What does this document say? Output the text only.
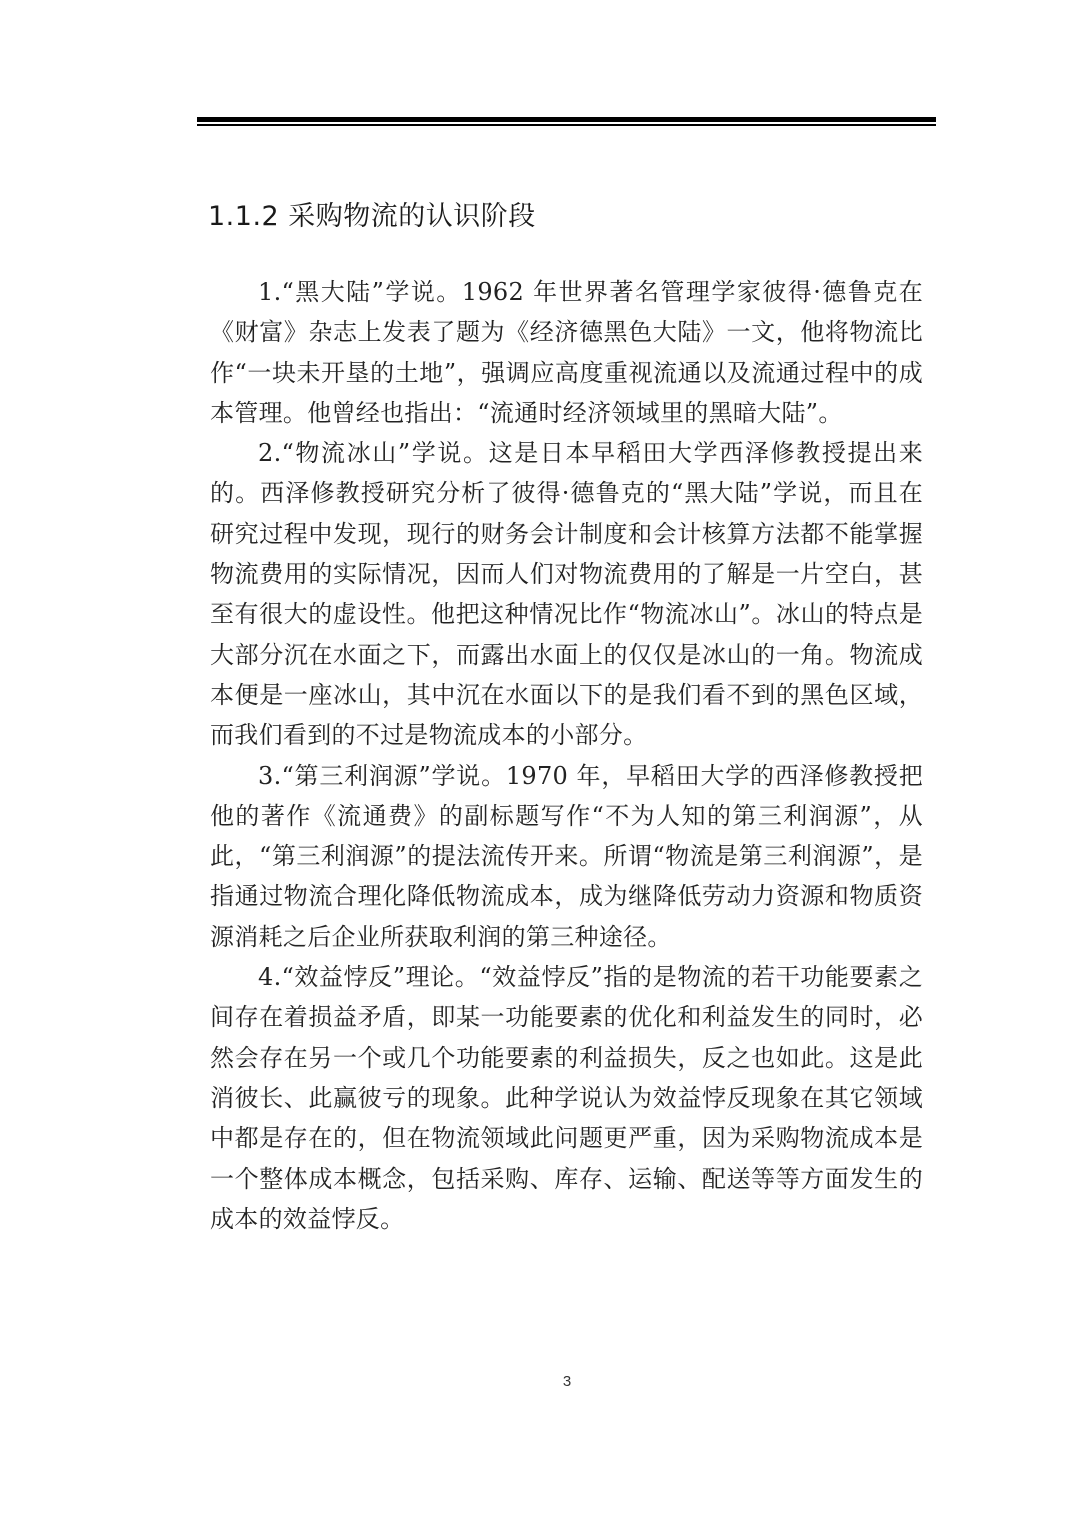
1.1.2 采购物流的认识阶段

1.“黑大陆”学说。1962 年世界著名管理学家彼得·德鲁克在《财富》杂志上发表了题为《经济德黑色大陆》一文，他将物流比作“一块未开垦的土地”，强调应高度重视流通以及流通过程中的成本管理。他曾经也指出：“流通时经济领域里的黑暗大陆”。

2.“物流冰山”学说。这是日本早稻田大学西泽修教授提出来的。西泽修教授研究分析了彼得·德鲁克的“黑大陆”学说，而且在研究过程中发现，现行的财务会计制度和会计核算方法都不能掌握物流费用的实际情况，因而人们对物流费用的了解是一片空白，甚至有很大的虚设性。他把这种情况比作“物流冰山”。冰山的特点是大部分沉在水面之下，而露出水面上的仅仅是冰山的一角。物流成本便是一座冰山，其中沉在水面以下的是我们看不到的黑色区域，而我们看到的不过是物流成本的小部分。

3.“第三利润源”学说。1970 年，早稻田大学的西泽修教授把他的著作《流通费》的副标题写作“不为人知的第三利润源”，从此，“第三利润源”的提法流传开来。所谓“物流是第三利润源”，是指通过物流合理化降低物流成本，成为继降低劳动力资源和物质资源消耗之后企业所获取利润的第三种途径。

4.“效益悖反”理论。“效益悖反”指的是物流的若干功能要素之间存在着损益矛盾，即某一功能要素的优化和利益发生的同时，必然会存在另一个或几个功能要素的利益损失，反之也如此。这是此消彼长、此赢彼亏的现象。此种学说认为效益悖反现象在其它领域中都是存在的，但在物流领域此问题更严重，因为采购物流成本是一个整体成本概念，包括采购、库存、运输、配送等等方面发生的成本的效益悖反。

3
